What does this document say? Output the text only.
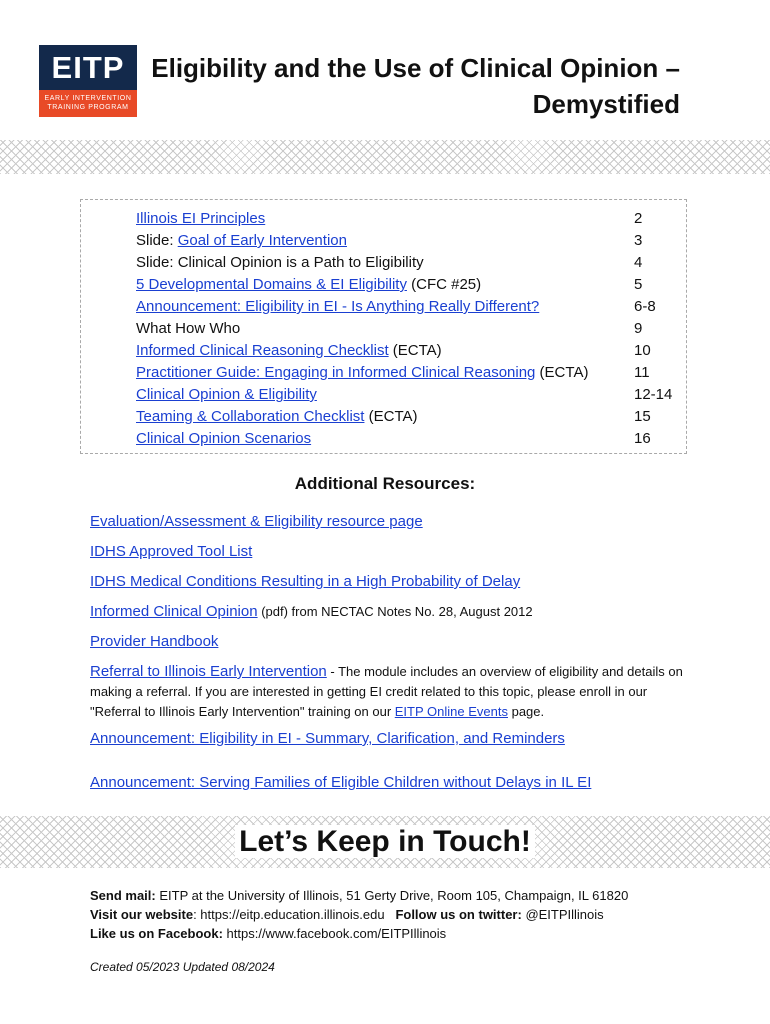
EITP
EARLY INTERVENTION
TRAINING PROGRAM
Eligibility and the Use of Clinical Opinion –
Demystified
Illinois EI Principles	2
Slide: Goal of Early Intervention	3
Slide: Clinical Opinion is a Path to Eligibility	4
5 Developmental Domains & EI Eligibility (CFC #25)	5
Announcement: Eligibility in EI - Is Anything Really Different?	6-8
What How Who	9
Informed Clinical Reasoning Checklist (ECTA)	10
Practitioner Guide: Engaging in Informed Clinical Reasoning (ECTA)	11
Clinical Opinion & Eligibility	12-14
Teaming & Collaboration Checklist (ECTA)	15
Clinical Opinion Scenarios	16
Additional Resources:
Evaluation/Assessment & Eligibility resource page
IDHS Approved Tool List
IDHS Medical Conditions Resulting in a High Probability of Delay
Informed Clinical Opinion (pdf) from NECTAC Notes No. 28, August 2012
Provider Handbook
Referral to Illinois Early Intervention - The module includes an overview of eligibility and details on making a referral. If you are interested in getting EI credit related to this topic, please enroll in our "Referral to Illinois Early Intervention" training on our EITP Online Events page.
Announcement: Eligibility in EI - Summary, Clarification, and Reminders
Announcement: Serving Families of Eligible Children without Delays in IL EI
Let’s Keep in Touch!
Send mail: EITP at the University of Illinois, 51 Gerty Drive, Room 105, Champaign, IL 61820
Visit our website: https://eitp.education.illinois.edu Follow us on twitter: @EITPIllinois
Like us on Facebook: https://www.facebook.com/EITPIllinois
Created 05/2023 Updated 08/2024
